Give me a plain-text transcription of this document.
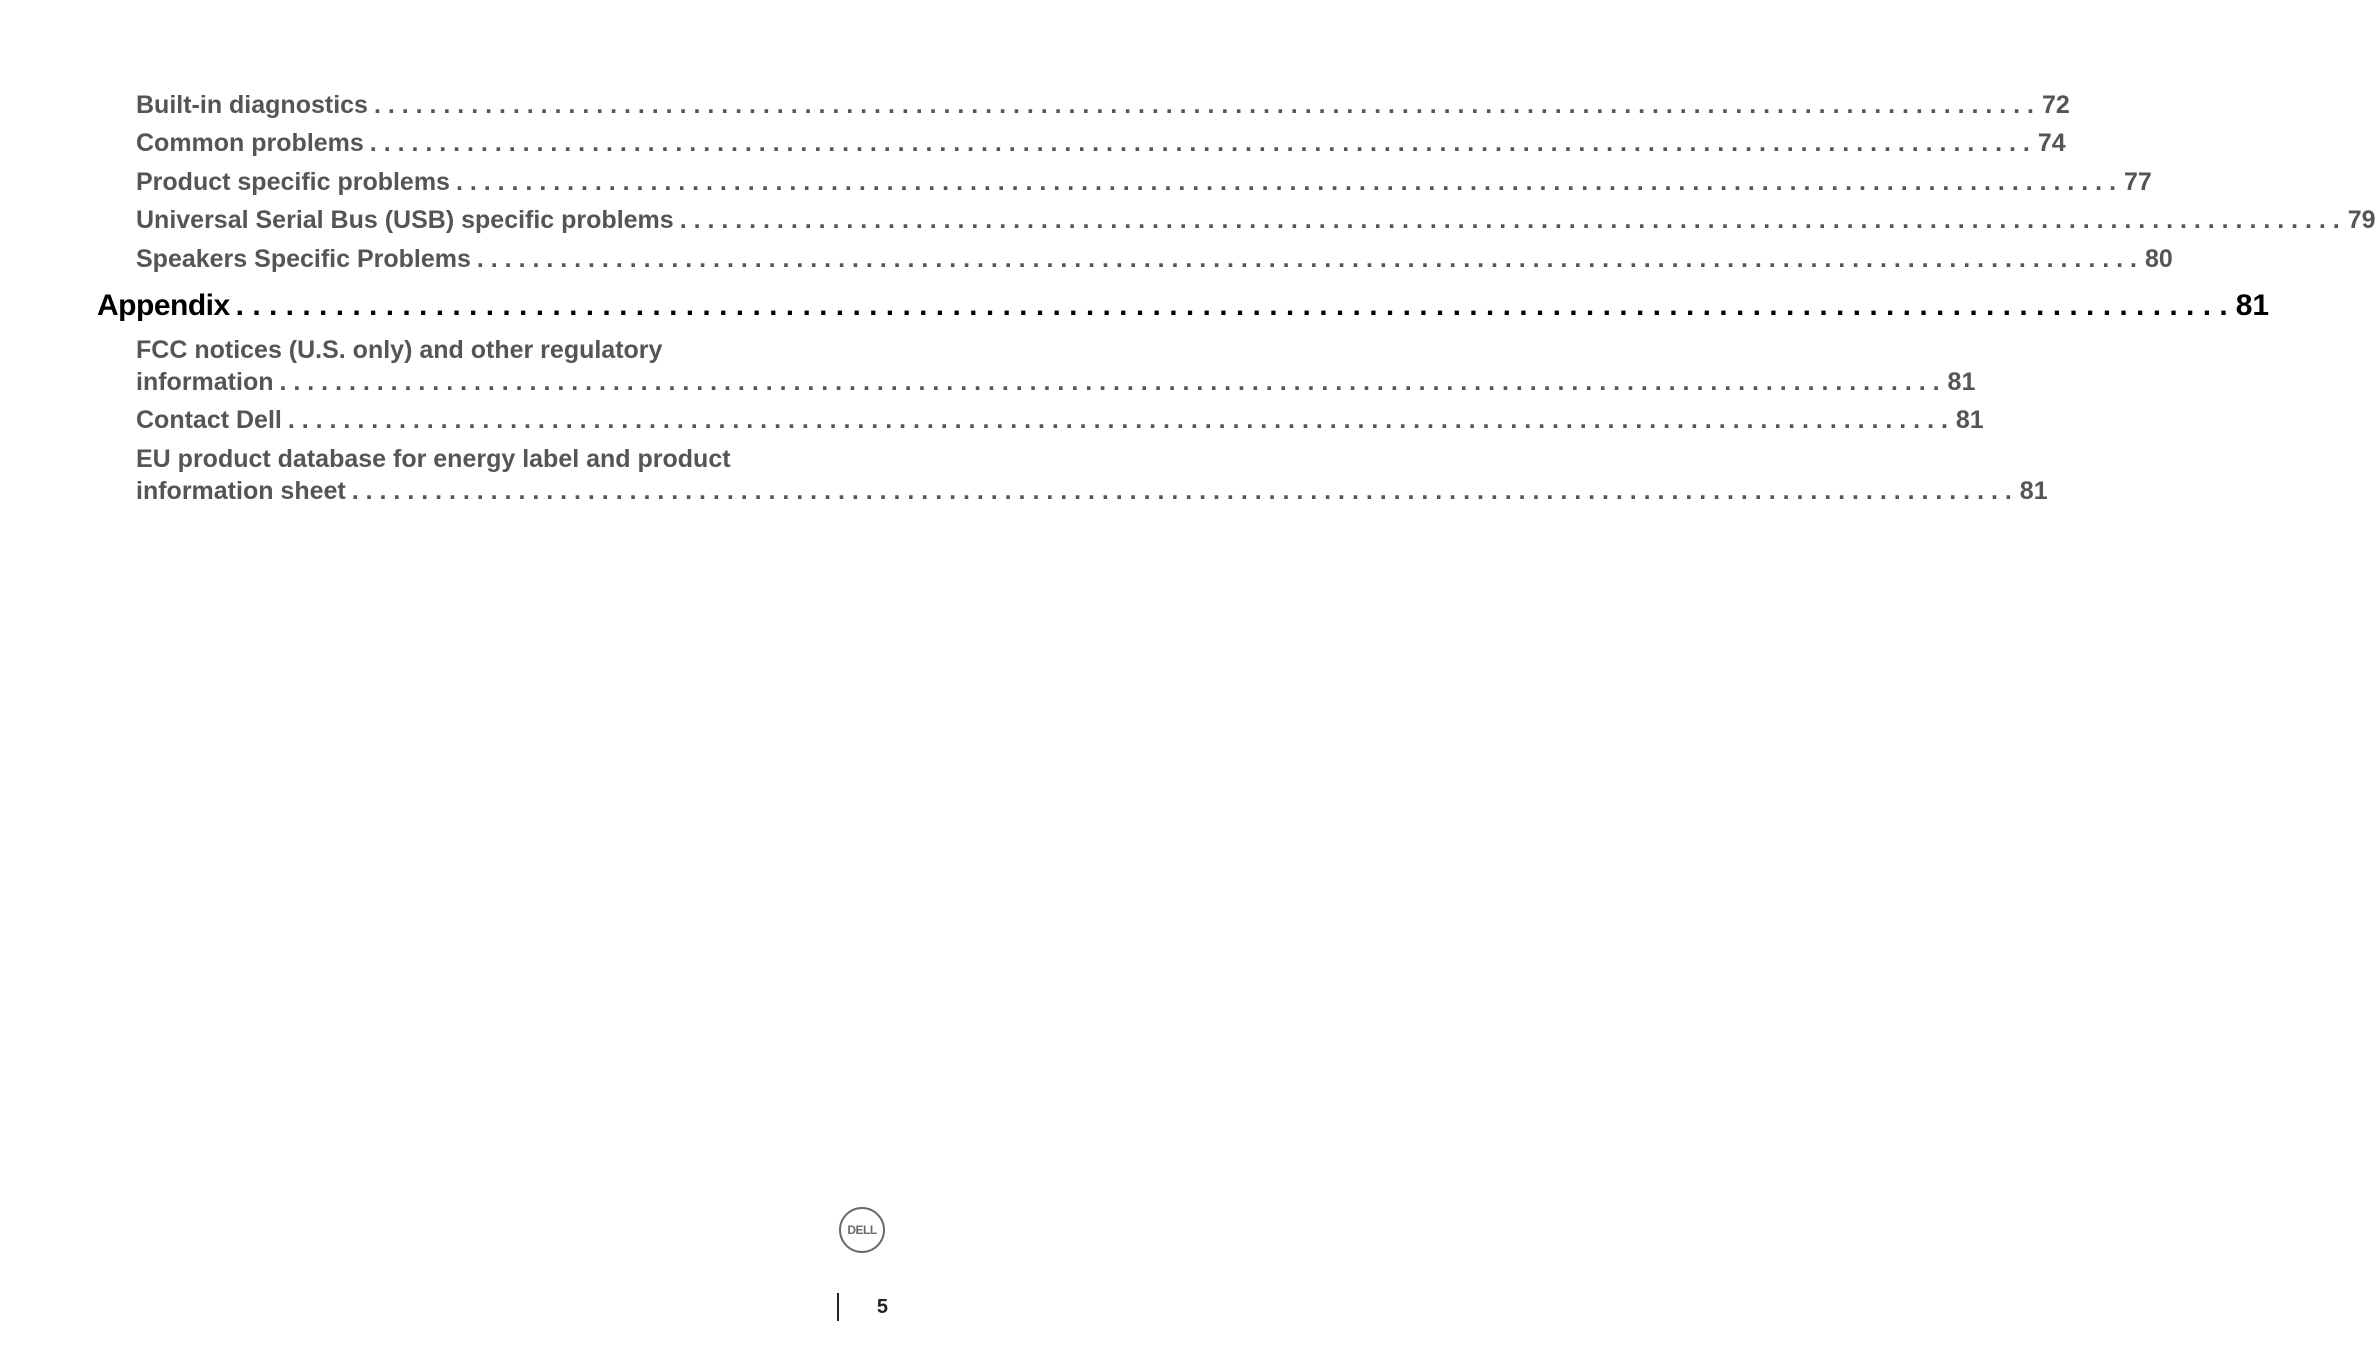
Built-in diagnostics . . . . . . . . . . . . . . . . . . . . . . . . . . . . . . . . . . . . . . . . . . . . . . . . . . . . . . . . . . . . . . . . . . . . . . . . . . . . . . . . . . . . . . . . . . . . . . . . . . . . . . . . . . . . . . . . . . . . . . . . 72
Common problems . . . . . . . . . . . . . . . . . . . . . . . . . . . . . . . . . . . . . . . . . . . . . . . . . . . . . . . . . . . . . . . . . . . . . . . . . . . . . . . . . . . . . . . . . . . . . . . . . . . . . . . . . . . . . . . . . . . . . . . . 74
Product specific problems . . . . . . . . . . . . . . . . . . . . . . . . . . . . . . . . . . . . . . . . . . . . . . . . . . . . . . . . . . . . . . . . . . . . . . . . . . . . . . . . . . . . . . . . . . . . . . . . . . . . . . . . . . . . . . . . . . . . . . . . 77
Universal Serial Bus (USB) specific problems . . . . . . . . . . . . . . . . . . . . . . . . . . . . . . . . . . . . . . . . . . . . . . . . . . . . . . . . . . . . . . . . . . . . . . . . . . . . . . . . . . . . . . . . . . . . . . . . . . . . . . . . . . . . . . . . . . . . . . . . 79
Speakers Specific Problems . . . . . . . . . . . . . . . . . . . . . . . . . . . . . . . . . . . . . . . . . . . . . . . . . . . . . . . . . . . . . . . . . . . . . . . . . . . . . . . . . . . . . . . . . . . . . . . . . . . . . . . . . . . . . . . . . . . . . . . . 80
Appendix . . . . . . . . . . . . . . . . . . . . . . . . . . . . . . . . . . . . . . . . . . . . . . . . . . . . . . . . . . . . . . . . . . . . . . . . . . . . . . . . . . . . . . . . . . . . . . . . . . . . . . . . . . . . . . . . . . . . . . . . 81
FCC notices (U.S. only) and other regulatory
information . . . . . . . . . . . . . . . . . . . . . . . . . . . . . . . . . . . . . . . . . . . . . . . . . . . . . . . . . . . . . . . . . . . . . . . . . . . . . . . . . . . . . . . . . . . . . . . . . . . . . . . . . . . . . . . . . . . . . . . . 81
Contact Dell . . . . . . . . . . . . . . . . . . . . . . . . . . . . . . . . . . . . . . . . . . . . . . . . . . . . . . . . . . . . . . . . . . . . . . . . . . . . . . . . . . . . . . . . . . . . . . . . . . . . . . . . . . . . . . . . . . . . . . . . 81
EU product database for energy label and product
information sheet . . . . . . . . . . . . . . . . . . . . . . . . . . . . . . . . . . . . . . . . . . . . . . . . . . . . . . . . . . . . . . . . . . . . . . . . . . . . . . . . . . . . . . . . . . . . . . . . . . . . . . . . . . . . . . . . . . . . . . . . 81
DELL
5
